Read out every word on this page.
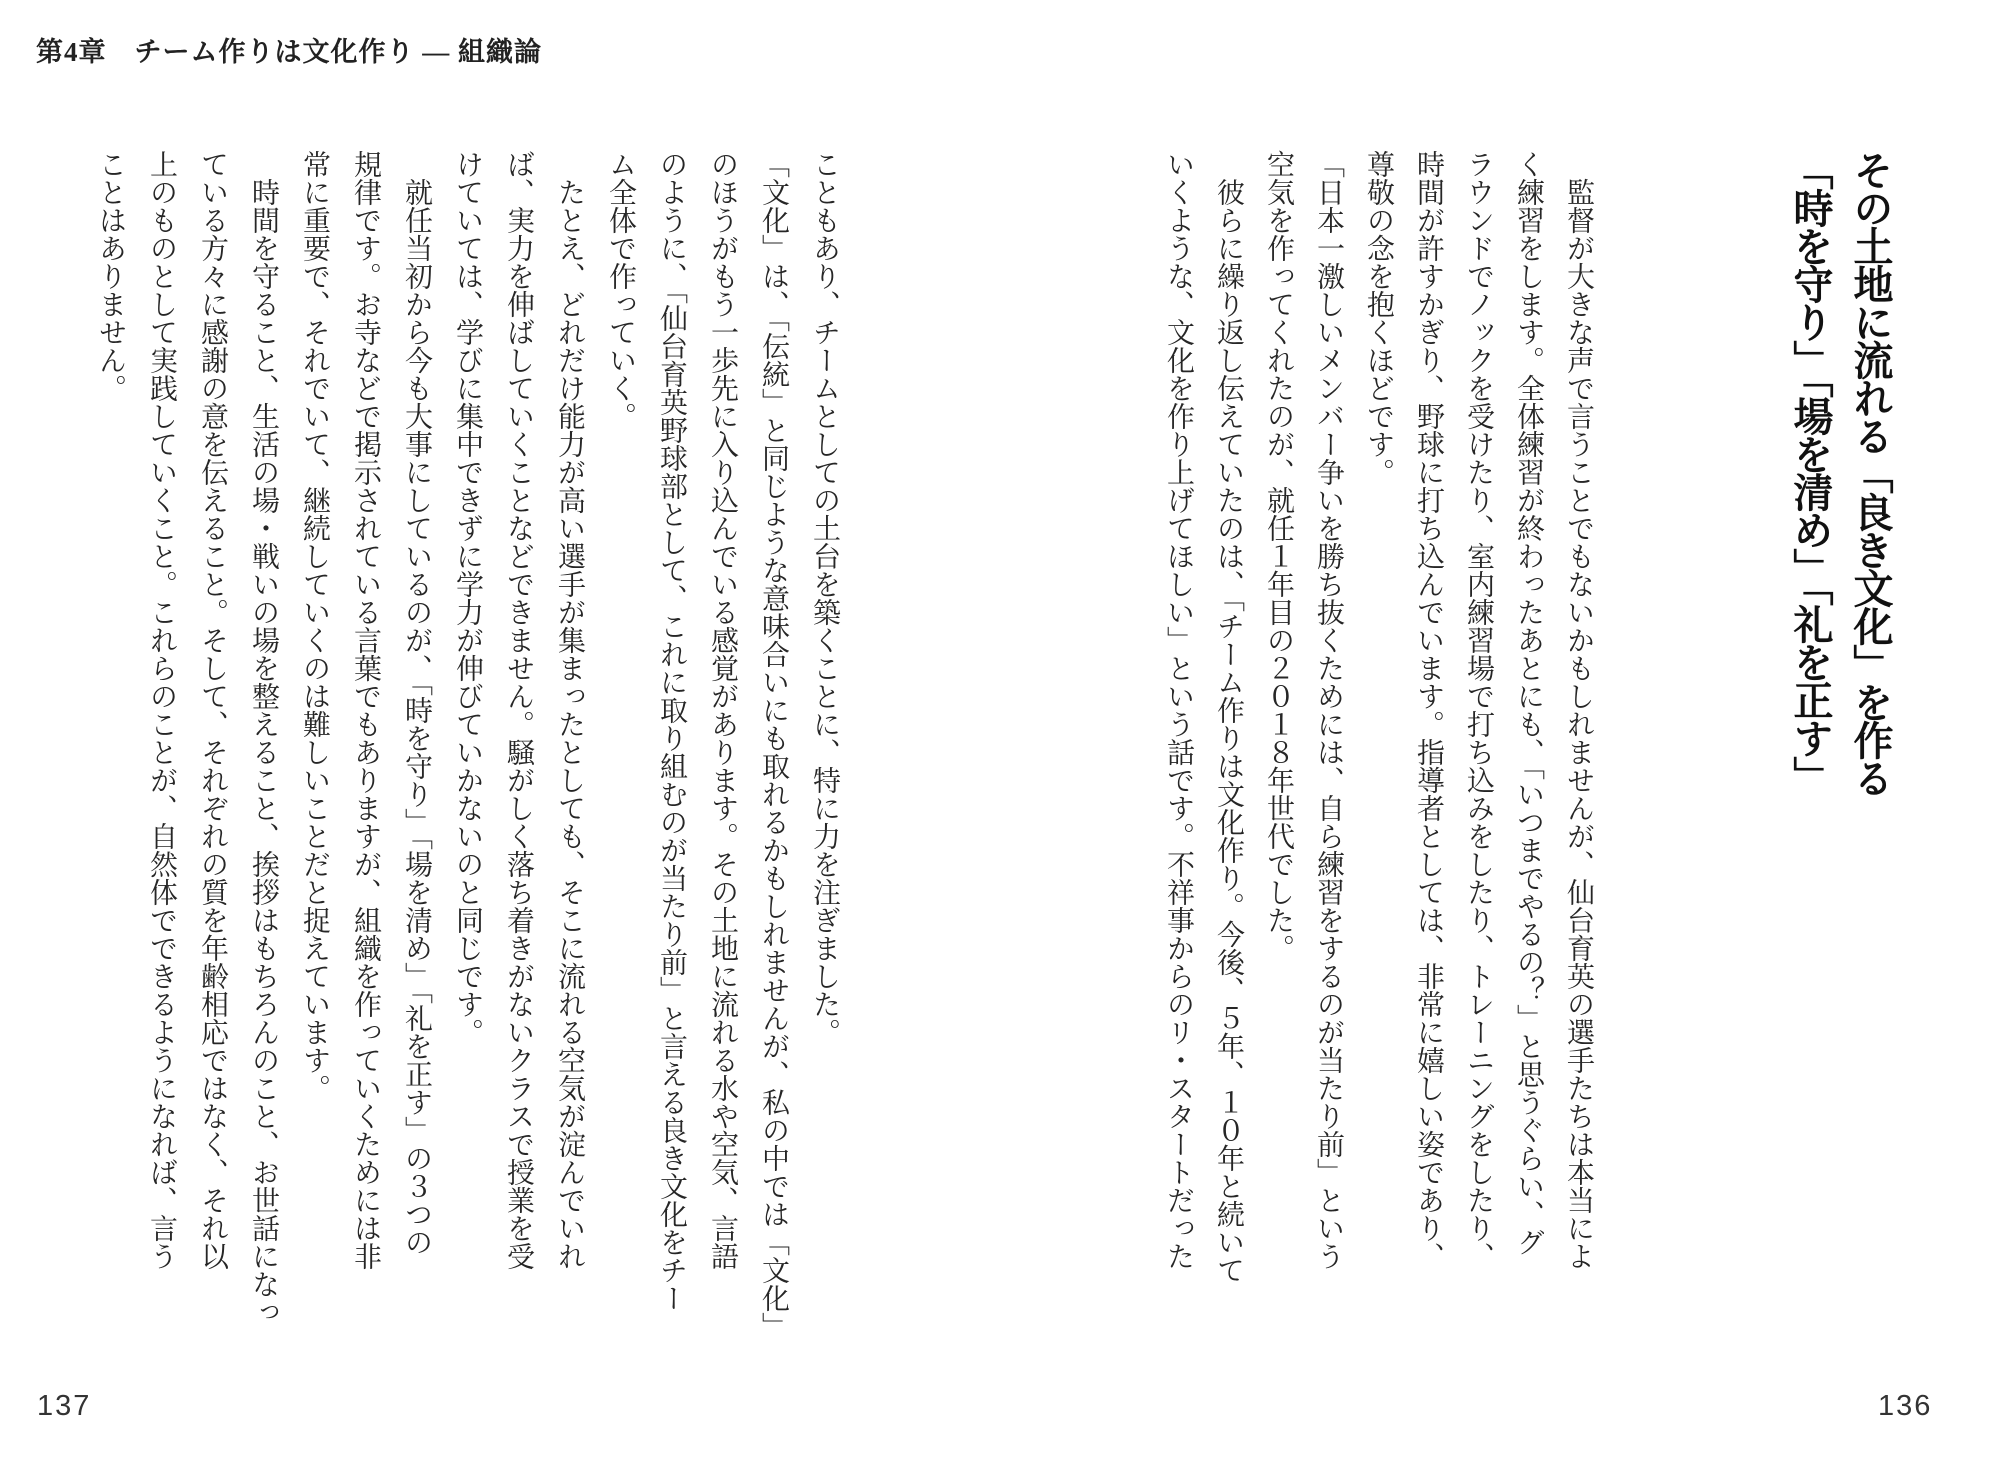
第4章 チーム作りは文化作り ― 組織論

その土地に流れる「良き文化」を作る

「時を守り」「場を清め」「礼を正す」

　監督が大きな声で言うことでもないかもしれませんが、仙台育英の選手たちは本当によ

く練習をします。全体練習が終わったあとにも、「いつまでやるの？」と思うぐらい、グ

ラウンドでノックを受けたり、室内練習場で打ち込みをしたり、トレーニングをしたり、

時間が許すかぎり、野球に打ち込んでいます。指導者としては、非常に嬉しい姿であり、

尊敬の念を抱くほどです。

「日本一激しいメンバー争いを勝ち抜くためには、自ら練習をするのが当たり前」という

空気を作ってくれたのが、就任１年目の２０１８年世代でした。

　彼らに繰り返し伝えていたのは、「チーム作りは文化作り。今後、５年、１０年と続いて

いくような、文化を作り上げてほしい」という話です。不祥事からのリ・スタートだった

こともあり、チームとしての土台を築くことに、特に力を注ぎました。

「文化」は、「伝統」と同じような意味合いにも取れるかもしれませんが、私の中では「文化」

のほうがもう一歩先に入り込んでいる感覚があります。その土地に流れる水や空気、言語

のように、「仙台育英野球部として、これに取り組むのが当たり前」と言える良き文化をチー

ム全体で作っていく。

　たとえ、どれだけ能力が高い選手が集まったとしても、そこに流れる空気が淀んでいれ

ば、実力を伸ばしていくことなどできません。騒がしく落ち着きがないクラスで授業を受

けていては、学びに集中できずに学力が伸びていかないのと同じです。

　就任当初から今も大事にしているのが、「時を守り」「場を清め」「礼を正す」の３つの

規律です。お寺などで掲示されている言葉でもありますが、組織を作っていくためには非

常に重要で、それでいて、継続していくのは難しいことだと捉えています。

　時間を守ること、生活の場・戦いの場を整えること、挨拶はもちろんのこと、お世話になっ

ている方々に感謝の意を伝えること。そして、それぞれの質を年齢相応ではなく、それ以

上のものとして実践していくこと。これらのことが、自然体でできるようになれば、言う

ことはありません。

137	136
